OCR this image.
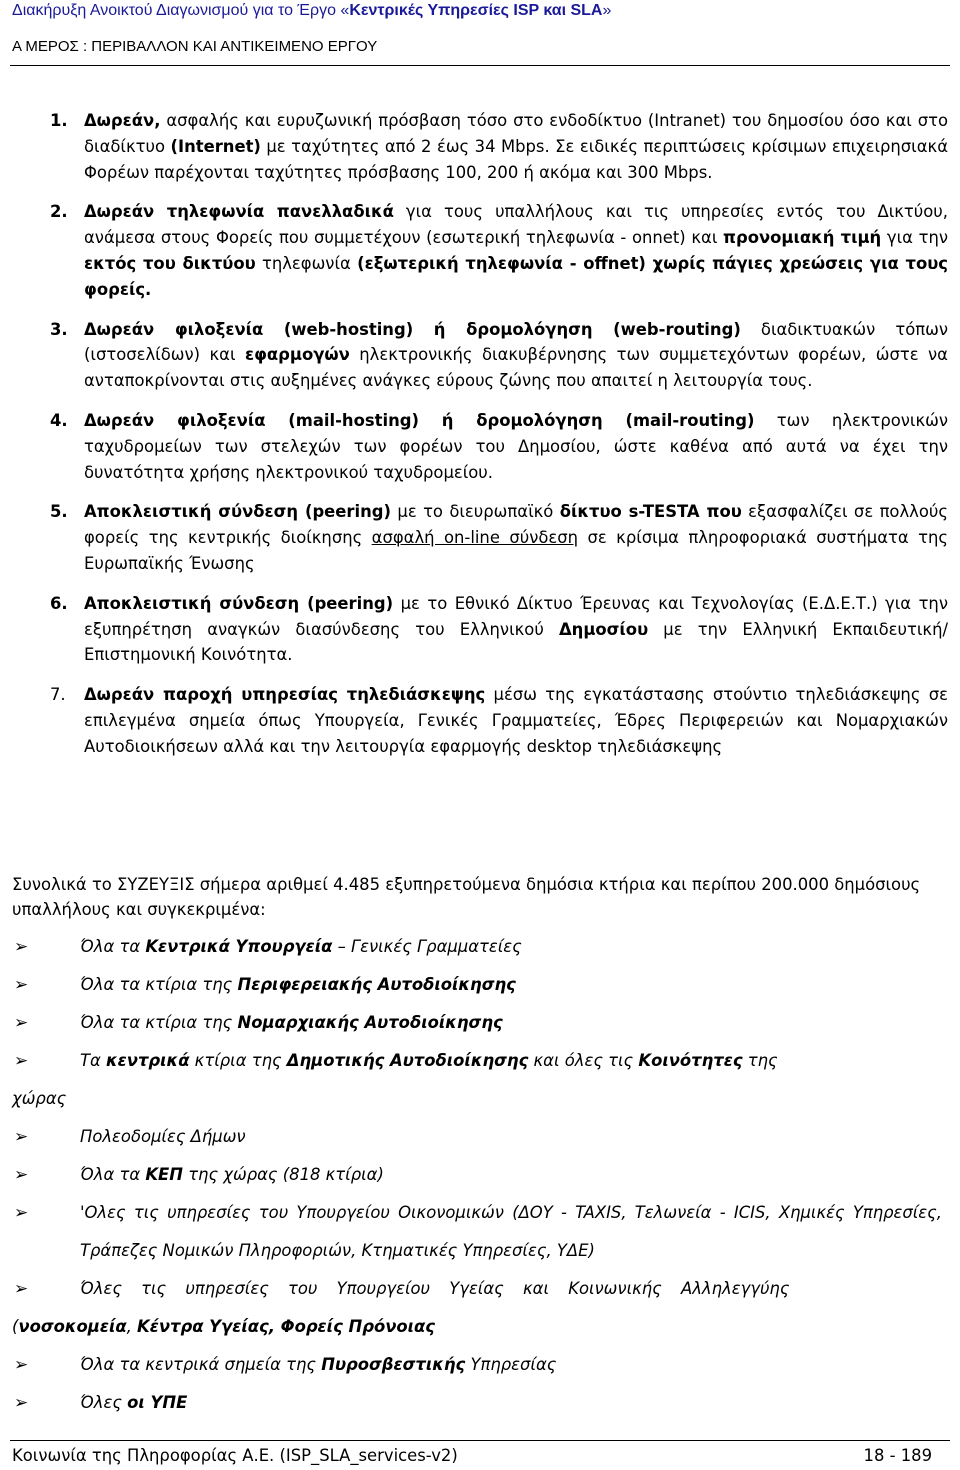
Διακήρυξη Ανοικτού Διαγωνισμού για το Έργο «Κεντρικές Υπηρεσίες ISP και SLA»
Α ΜΕΡΟΣ : ΠΕΡΙΒΑΛΛΟΝ ΚΑΙ ΑΝΤΙΚΕΙΜΕΝΟ ΕΡΓΟΥ
1. Δωρεάν, ασφαλής και ευρυζωνική πρόσβαση τόσο στο ενδοδίκτυο (Intranet) του δημοσίου όσο και στο διαδίκτυο (Internet) με ταχύτητες από 2 έως 34 Mbps. Σε ειδικές περιπτώσεις κρίσιμων επιχειρησιακά Φορέων παρέχονται ταχύτητες πρόσβασης 100, 200 ή ακόμα και 300 Mbps.
2. Δωρεάν τηλεφωνία πανελλαδικά για τους υπαλλήλους και τις υπηρεσίες εντός του Δικτύου, ανάμεσα στους Φορείς που συμμετέχουν (εσωτερική τηλεφωνία - onnet) και προνομιακή τιμή για την εκτός του δικτύου τηλεφωνία (εξωτερική τηλεφωνία - offnet) χωρίς πάγιες χρεώσεις για τους φορείς.
3. Δωρεάν φιλοξενία (web-hosting) ή δρομολόγηση (web-routing) διαδικτυακών τόπων (ιστοσελίδων) και εφαρμογών ηλεκτρονικής διακυβέρνησης των συμμετεχόντων φορέων, ώστε να ανταποκρίνονται στις αυξημένες ανάγκες εύρους ζώνης που απαιτεί η λειτουργία τους.
4. Δωρεάν φιλοξενία (mail-hosting) ή δρομολόγηση (mail-routing) των ηλεκτρονικών ταχυδρομείων των στελεχών των φορέων του Δημοσίου, ώστε καθένα από αυτά να έχει την δυνατότητα χρήσης ηλεκτρονικού ταχυδρομείου.
5. Αποκλειστική σύνδεση (peering) με το διευρωπαϊκό δίκτυο s-TESTA που εξασφαλίζει σε πολλούς φορείς της κεντρικής διοίκησης ασφαλή on-line σύνδεση σε κρίσιμα πληροφοριακά συστήματα της Ευρωπαϊκής Ένωσης
6. Αποκλειστική σύνδεση (peering) με το Εθνικό Δίκτυο Έρευνας και Τεχνολογίας (Ε.Δ.Ε.Τ.) για την εξυπηρέτηση αναγκών διασύνδεσης του Ελληνικού Δημοσίου με την Ελληνική Εκπαιδευτική/Επιστημονική Κοινότητα.
7. Δωρεάν παροχή υπηρεσίας τηλεδιάσκεψης μέσω της εγκατάστασης στούντιο τηλεδιάσκεψης σε επιλεγμένα σημεία όπως Υπουργεία, Γενικές Γραμματείες, Έδρες Περιφερειών και Νομαρχιακών Αυτοδιοικήσεων αλλά και την λειτουργία εφαρμογής desktop τηλεδιάσκεψης
Συνολικά το ΣΥΖΕΥΞΙΣ σήμερα αριθμεί 4.485 εξυπηρετούμενα δημόσια κτήρια και περίπου 200.000 δημόσιους υπαλλήλους και συγκεκριμένα:
➢	Όλα τα Κεντρικά Υπουργεία – Γενικές Γραμματείες
➢	Όλα τα κτίρια της Περιφερειακής Αυτοδιοίκησης
➢	Όλα τα κτίρια της Νομαρχιακής Αυτοδιοίκησης
➢	Τα κεντρικά κτίρια της Δημοτικής Αυτοδιοίκησης και όλες τις Κοινότητες της
χώρας
➢	Πολεοδομίες Δήμων
➢	Όλα τα ΚΕΠ της χώρας (818 κτίρια)
➢	'Ολες τις υπηρεσίες του Υπουργείου Οικονομικών (ΔΟΥ - TAXIS, Τελωνεία - ICIS, Χημικές Υπηρεσίες, Τράπεζες Νομικών Πληροφοριών, Κτηματικές Υπηρεσίες, ΥΔΕ)
➢	Όλες τις υπηρεσίες του Υπουργείου Υγείας και Κοινωνικής Αλληλεγγύης
(νοσοκομεία, Κέντρα Υγείας, Φορείς Πρόνοιας
➢	Όλα τα κεντρικά σημεία της Πυροσβεστικής Υπηρεσίας
➢	Όλες οι ΥΠΕ
Κοινωνία της Πληροφορίας Α.Ε. (ISP_SLA_services-v2)	18 - 189
